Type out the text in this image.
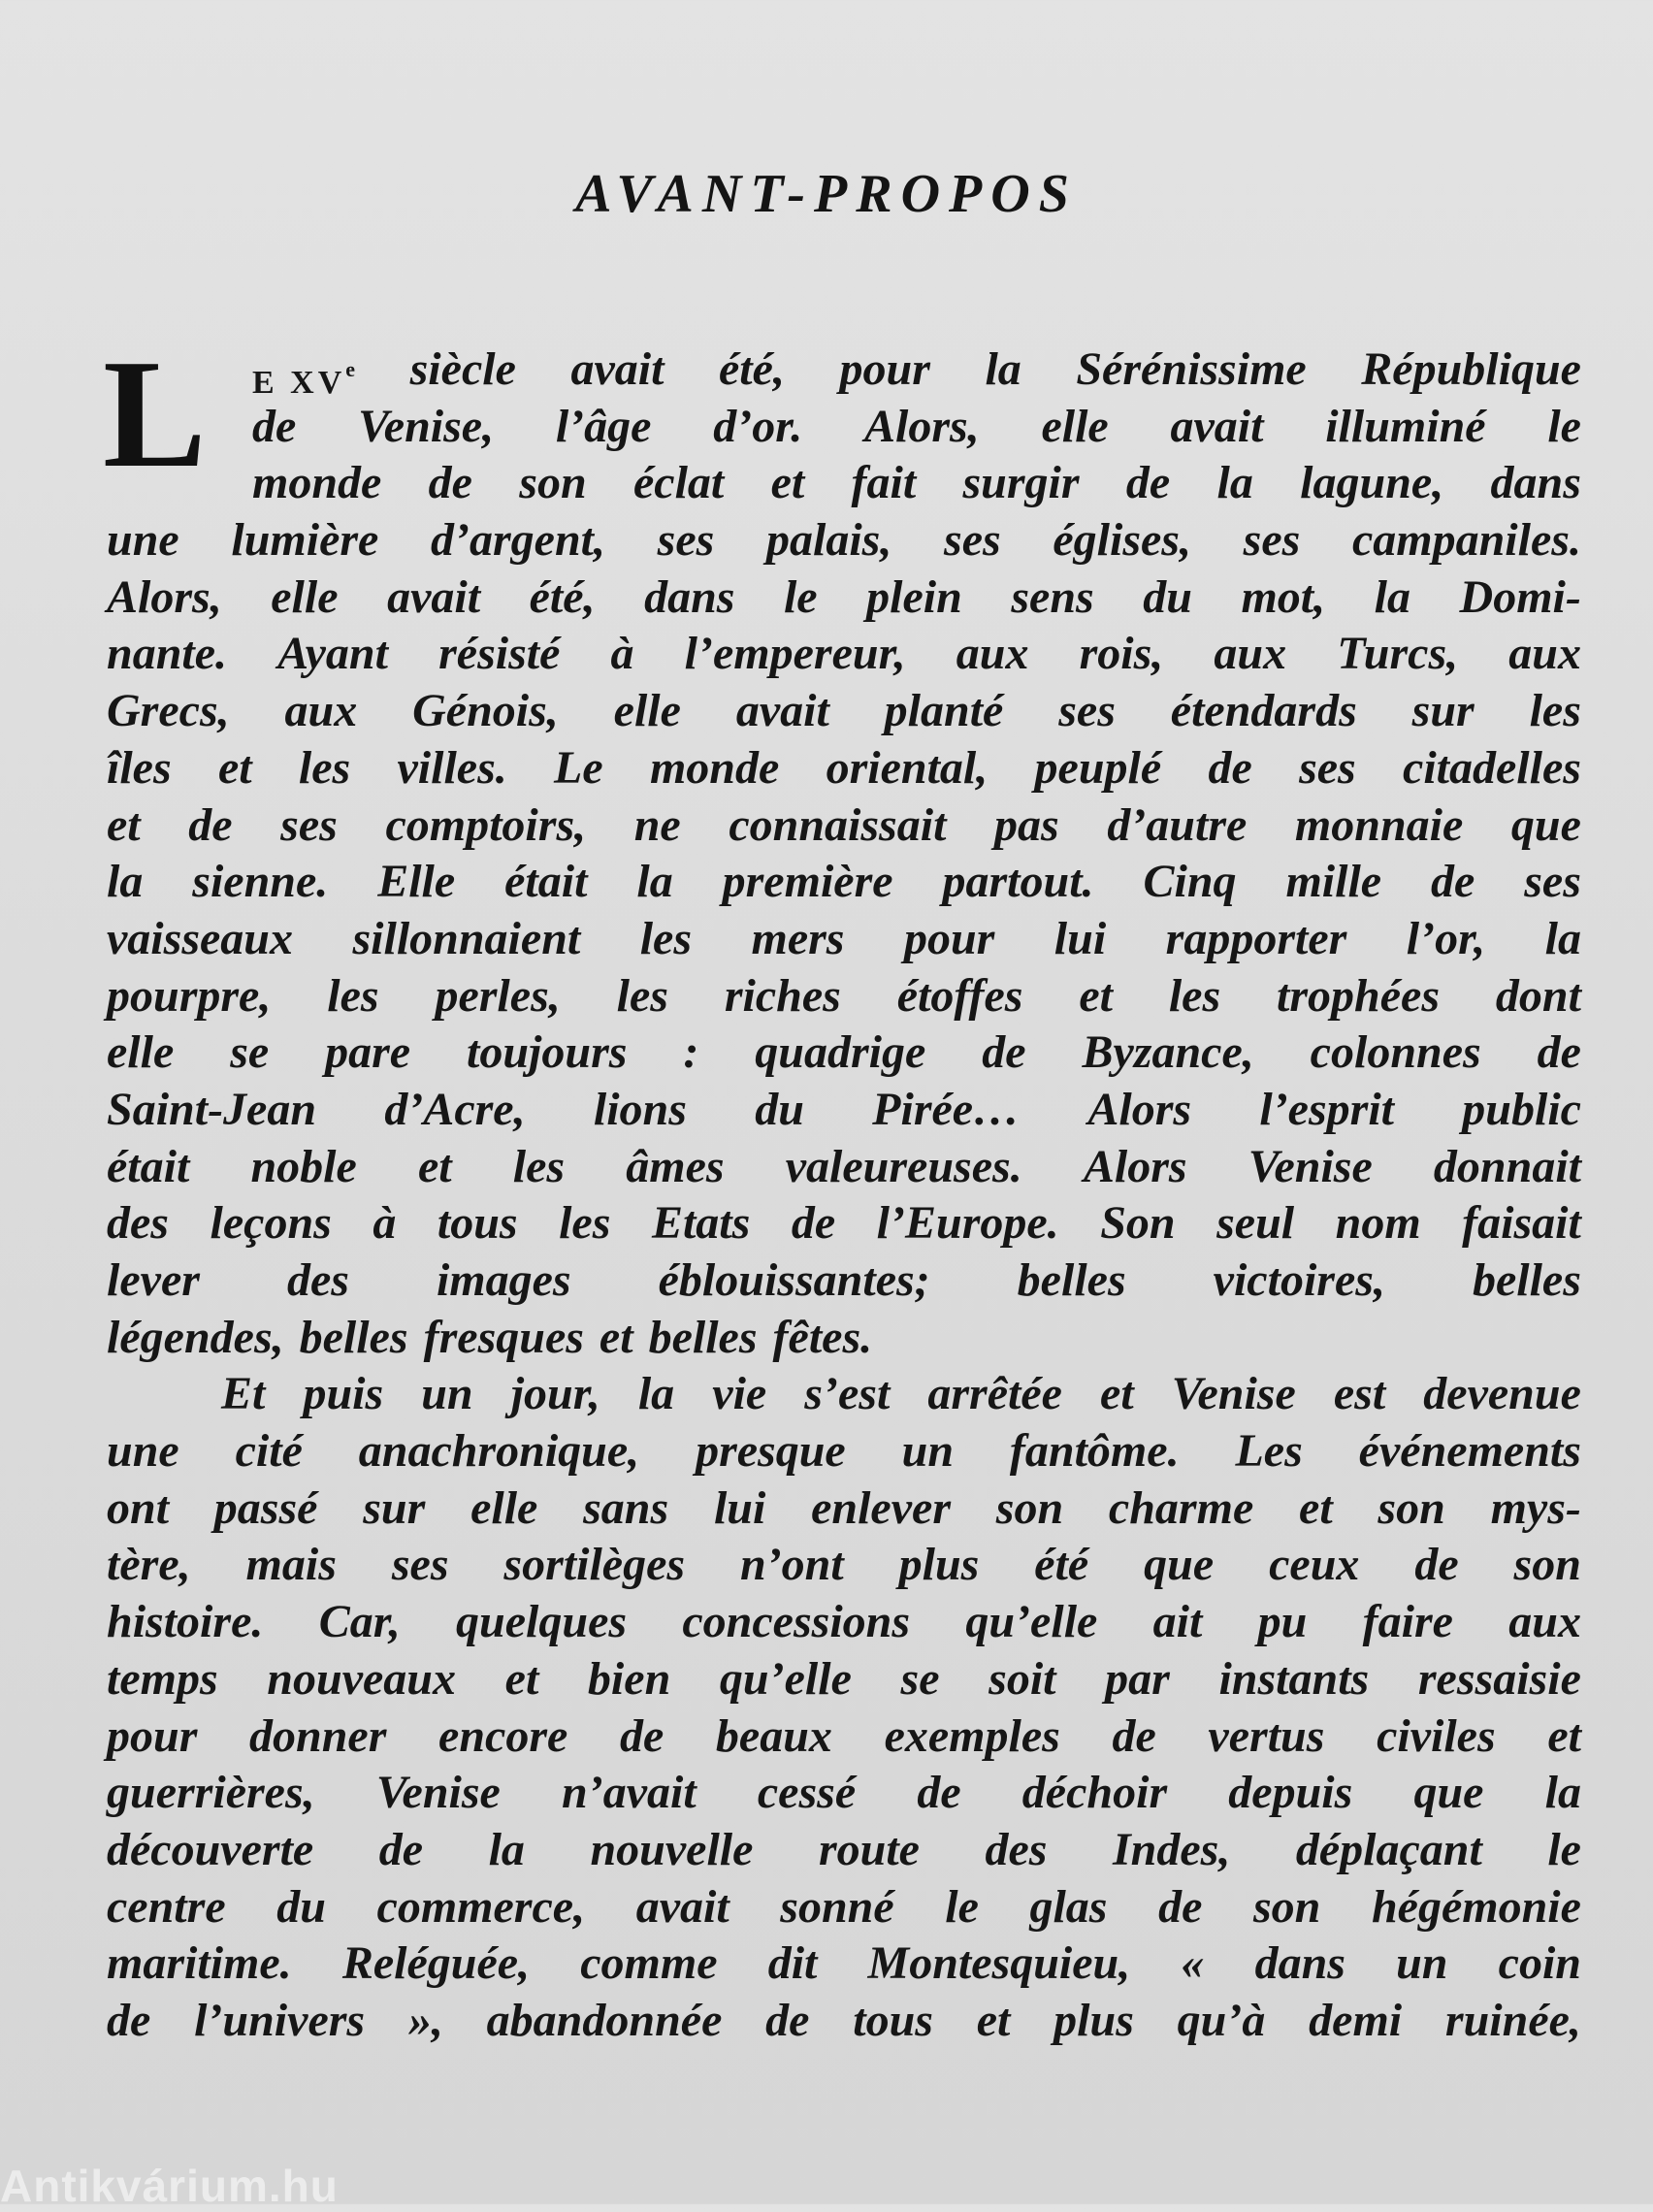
AVANT-PROPOS
L E XVe siècle avait été, pour la Sérénissime République
de Venise, l’âge d’or. Alors, elle avait illuminé le
monde de son éclat et fait surgir de la lagune, dans
une lumière d’argent, ses palais, ses églises, ses campaniles.
Alors, elle avait été, dans le plein sens du mot, la Domi-
nante. Ayant résisté à l’empereur, aux rois, aux Turcs, aux
Grecs, aux Génois, elle avait planté ses étendards sur les
îles et les villes. Le monde oriental, peuplé de ses citadelles
et de ses comptoirs, ne connaissait pas d’autre monnaie que
la sienne. Elle était la première partout. Cinq mille de ses
vaisseaux sillonnaient les mers pour lui rapporter l’or, la
pourpre, les perles, les riches étoffes et les trophées dont
elle se pare toujours : quadrige de Byzance, colonnes de
Saint-Jean d’Acre, lions du Pirée… Alors l’esprit public
était noble et les âmes valeureuses. Alors Venise donnait
des leçons à tous les Etats de l’Europe. Son seul nom faisait
lever des images éblouissantes; belles victoires, belles
légendes, belles fresques et belles fêtes.
Et puis un jour, la vie s’est arrêtée et Venise est devenue
une cité anachronique, presque un fantôme. Les événements
ont passé sur elle sans lui enlever son charme et son mys-
tère, mais ses sortilèges n’ont plus été que ceux de son
histoire. Car, quelques concessions qu’elle ait pu faire aux
temps nouveaux et bien qu’elle se soit par instants ressaisie
pour donner encore de beaux exemples de vertus civiles et
guerrières, Venise n’avait cessé de déchoir depuis que la
découverte de la nouvelle route des Indes, déplaçant le
centre du commerce, avait sonné le glas de son hégémonie
maritime. Reléguée, comme dit Montesquieu, « dans un coin
de l’univers », abandonnée de tous et plus qu’à demi ruinée,
Antikvárium.hu
